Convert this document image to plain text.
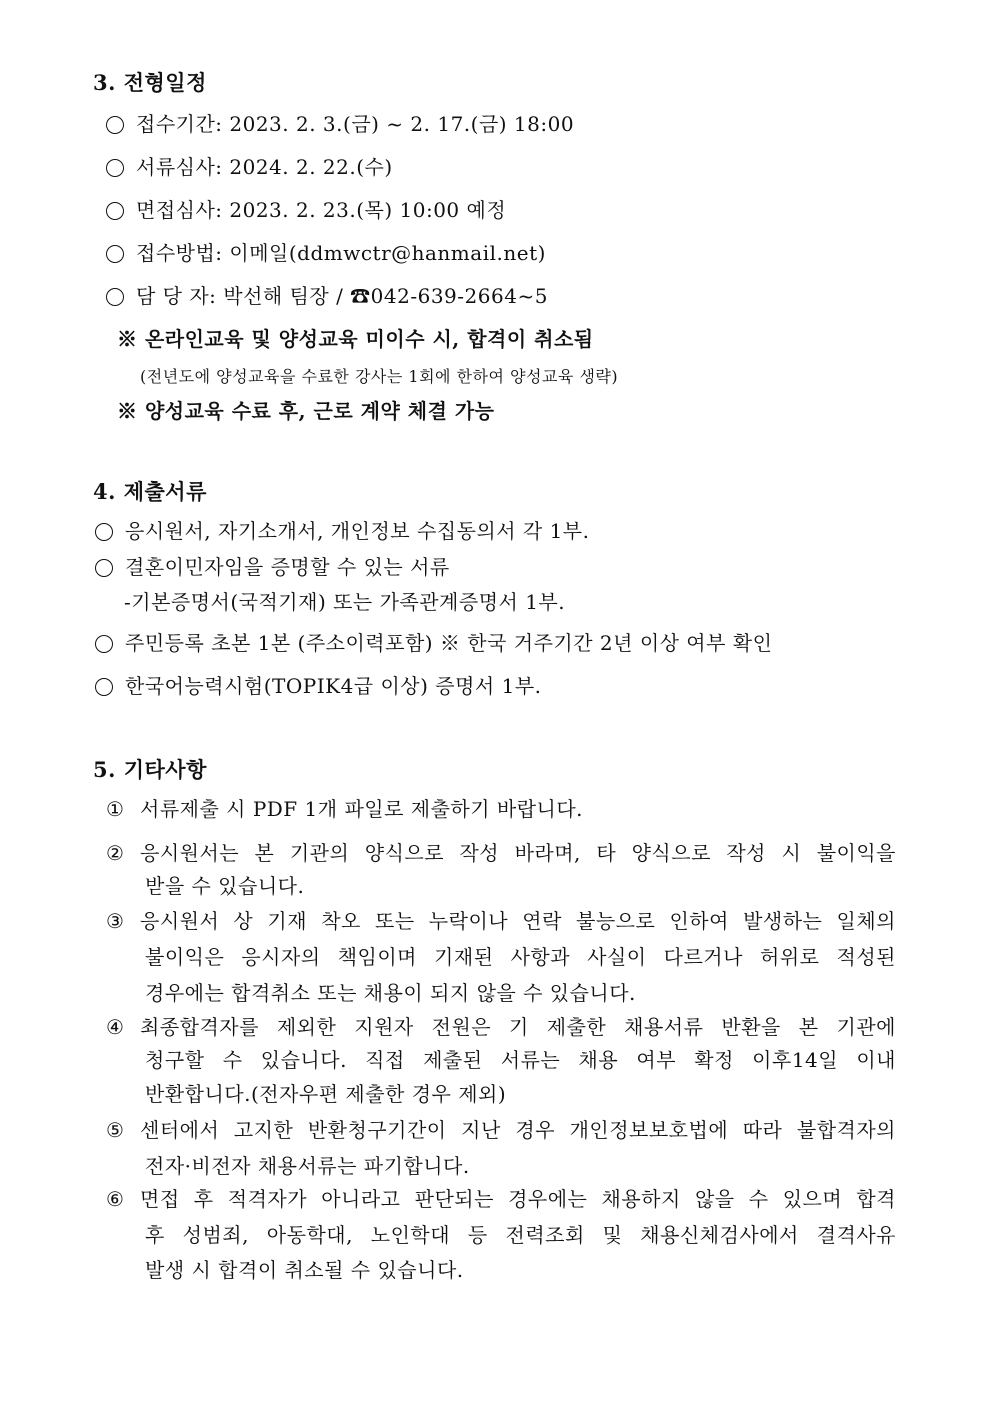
3. 전형일정
접수기간: 2023. 2. 3.(금) ~ 2. 17.(금) 18:00
서류심사: 2024. 2. 22.(수)
면접심사: 2023. 2. 23.(목) 10:00 예정
접수방법: 이메일(ddmwctr@hanmail.net)
담 당 자: 박선해 팀장 / ☎042-639-2664~5
※ 온라인교육 및 양성교육 미이수 시, 합격이 취소됨
(전년도에 양성교육을 수료한 강사는 1회에 한하여 양성교육 생략)
※ 양성교육 수료 후, 근로 계약 체결 가능
4. 제출서류
응시원서, 자기소개서, 개인정보 수집동의서 각 1부.
결혼이민자임을 증명할 수 있는 서류
-기본증명서(국적기재) 또는 가족관계증명서 1부.
주민등록 초본 1본 (주소이력포함) ※ 한국 거주기간 2년 이상 여부 확인
한국어능력시험(TOPIK4급 이상) 증명서 1부.
5. 기타사항
① 서류제출 시 PDF 1개 파일로 제출하기 바랍니다.
② 응시원서는 본 기관의 양식으로 작성 바라며, 타 양식으로 작성 시 불이익을
받을 수 있습니다.
③ 응시원서 상 기재 착오 또는 누락이나 연락 불능으로 인하여 발생하는 일체의
불이익은 응시자의 책임이며 기재된 사항과 사실이 다르거나 허위로 적성된
경우에는 합격취소 또는 채용이 되지 않을 수 있습니다.
④ 최종합격자를 제외한 지원자 전원은 기 제출한 채용서류 반환을 본 기관에
청구할 수 있습니다. 직접 제출된 서류는 채용 여부 확정 이후14일 이내
반환합니다.(전자우편 제출한 경우 제외)
⑤ 센터에서 고지한 반환청구기간이 지난 경우 개인정보보호법에 따라 불합격자의
전자·비전자 채용서류는 파기합니다.
⑥ 면접 후 적격자가 아니라고 판단되는 경우에는 채용하지 않을 수 있으며 합격
후 성범죄, 아동학대, 노인학대 등 전력조회 및 채용신체검사에서 결격사유
발생 시 합격이 취소될 수 있습니다.
